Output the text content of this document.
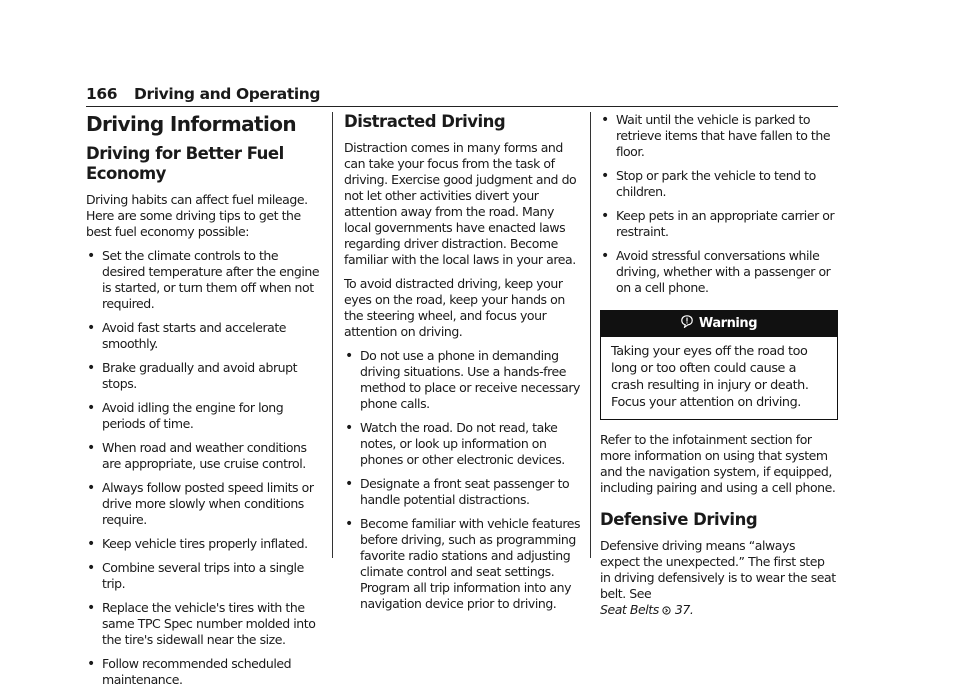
166 Driving and Operating
Driving Information
Driving for Better Fuel Economy

Driving habits can affect fuel mileage. Here are some driving tips to get the best fuel economy possible:

• Set the climate controls to the desired temperature after the engine is started, or turn them off when not required.
• Avoid fast starts and accelerate smoothly.
• Brake gradually and avoid abrupt stops.
• Avoid idling the engine for long periods of time.
• When road and weather conditions are appropriate, use cruise control.
• Always follow posted speed limits or drive more slowly when conditions require.
• Keep vehicle tires properly inflated.
• Combine several trips into a single trip.
• Replace the vehicle's tires with the same TPC Spec number molded into the tire's sidewall near the size.
• Follow recommended scheduled maintenance.
Distracted Driving

Distraction comes in many forms and can take your focus from the task of driving. Exercise good judgment and do not let other activities divert your attention away from the road. Many local governments have enacted laws regarding driver distraction. Become familiar with the local laws in your area.

To avoid distracted driving, keep your eyes on the road, keep your hands on the steering wheel, and focus your attention on driving.

• Do not use a phone in demanding driving situations. Use a hands-free method to place or receive necessary phone calls.
• Watch the road. Do not read, take notes, or look up information on phones or other electronic devices.
• Designate a front seat passenger to handle potential distractions.
• Become familiar with vehicle features before driving, such as programming favorite radio stations and adjusting climate control and seat settings. Program all trip information into any navigation device prior to driving.
• Wait until the vehicle is parked to retrieve items that have fallen to the floor.
• Stop or park the vehicle to tend to children.
• Keep pets in an appropriate carrier or restraint.
• Avoid stressful conversations while driving, whether with a passenger or on a cell phone.
Warning
Taking your eyes off the road too long or too often could cause a crash resulting in injury or death. Focus your attention on driving.

Refer to the infotainment section for more information on using that system and the navigation system, if equipped, including pairing and using a cell phone.

Defensive Driving

Defensive driving means “always expect the unexpected.” The first step in driving defensively is to wear the seat belt. See
Seat Belts 37.
